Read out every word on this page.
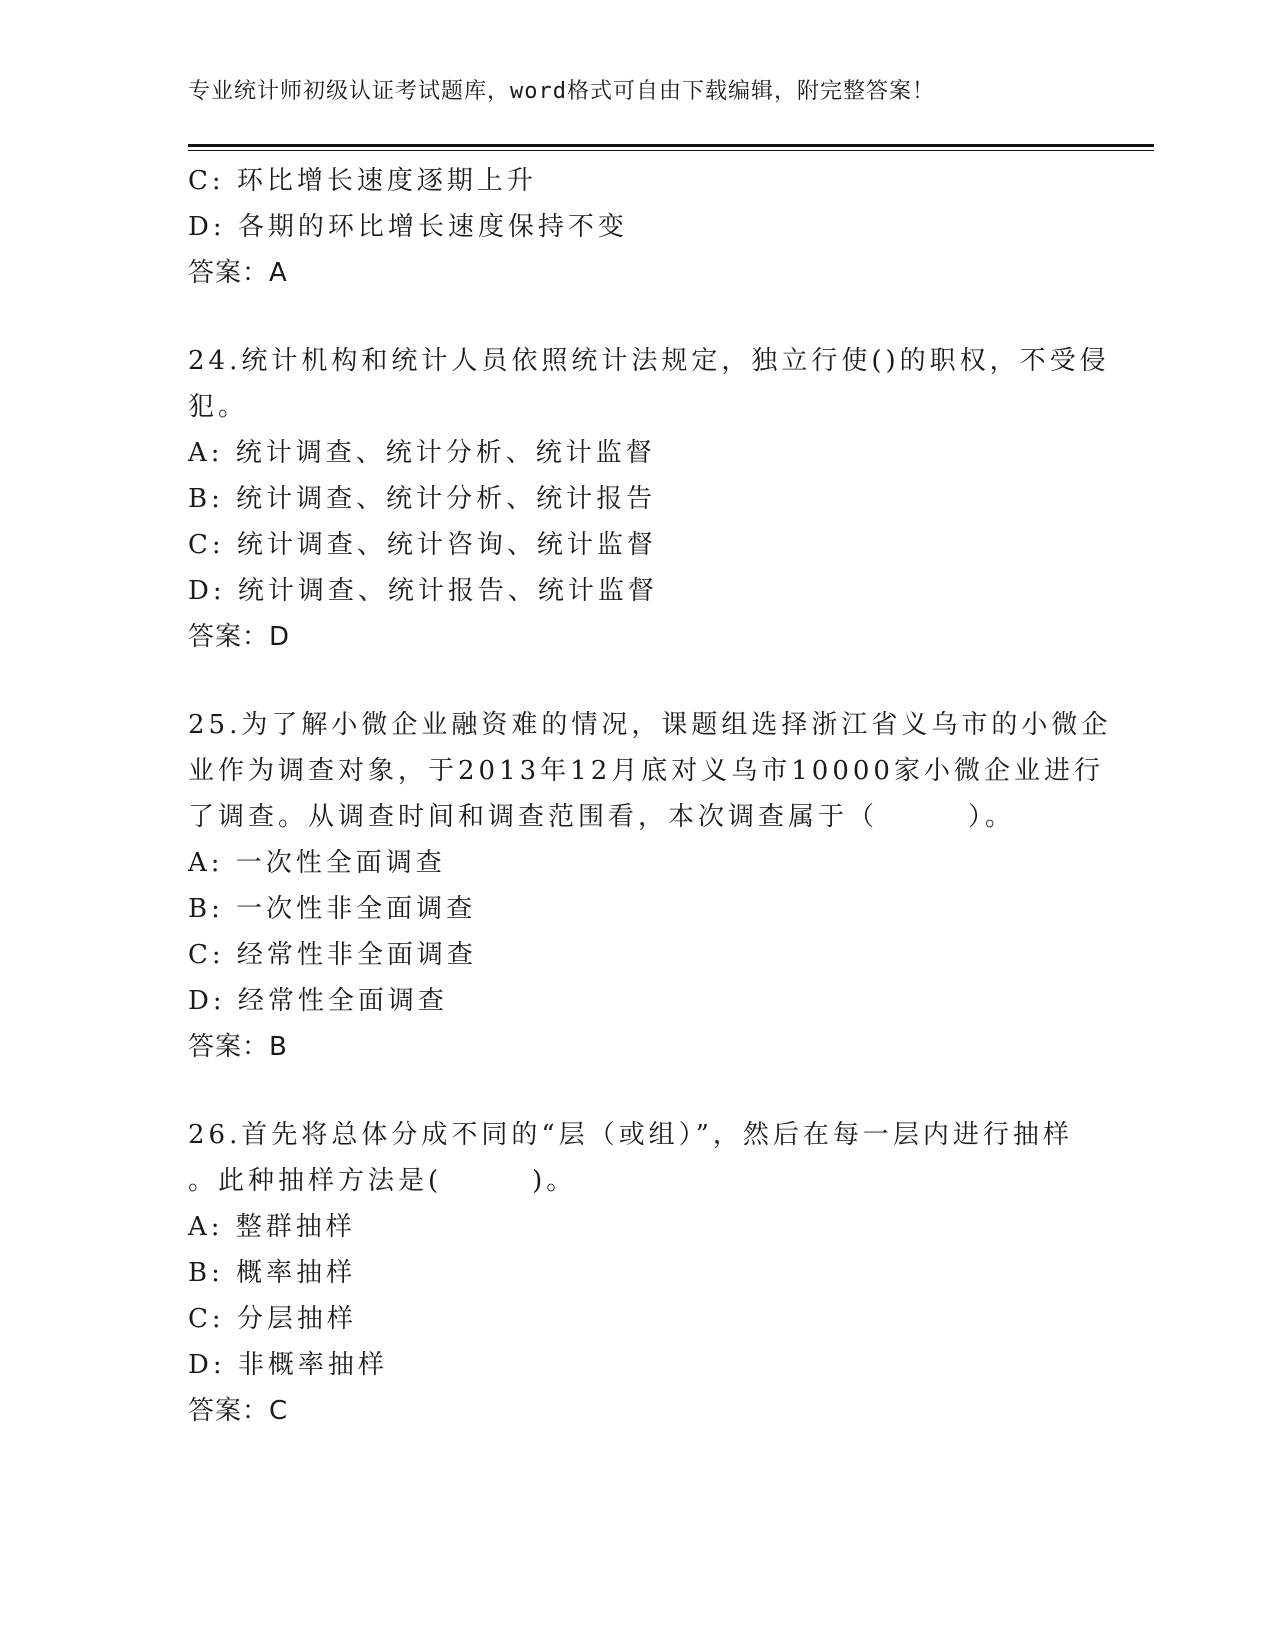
专业统计师初级认证考试题库，word格式可自由下载编辑，附完整答案！
C: 环比增长速度逐期上升
D: 各期的环比增长速度保持不变
答案：A
24.统计机构和统计人员依照统计法规定，独立行使()的职权，不受侵
犯。
A: 统计调查、统计分析、统计监督
B: 统计调查、统计分析、统计报告
C: 统计调查、统计咨询、统计监督
D: 统计调查、统计报告、统计监督
答案：D
25.为了解小微企业融资难的情况，课题组选择浙江省义乌市的小微企
业作为调查对象，于2013年12月底对义乌市10000家小微企业进行
了调查。从调查时间和调查范围看，本次调查属于（　　　）。
A: 一次性全面调查
B: 一次性非全面调查
C: 经常性非全面调查
D: 经常性全面调查
答案：B
26.首先将总体分成不同的“层（或组）”，然后在每一层内进行抽样
。此种抽样方法是(　　　)。
A: 整群抽样
B: 概率抽样
C: 分层抽样
D: 非概率抽样
答案：C
